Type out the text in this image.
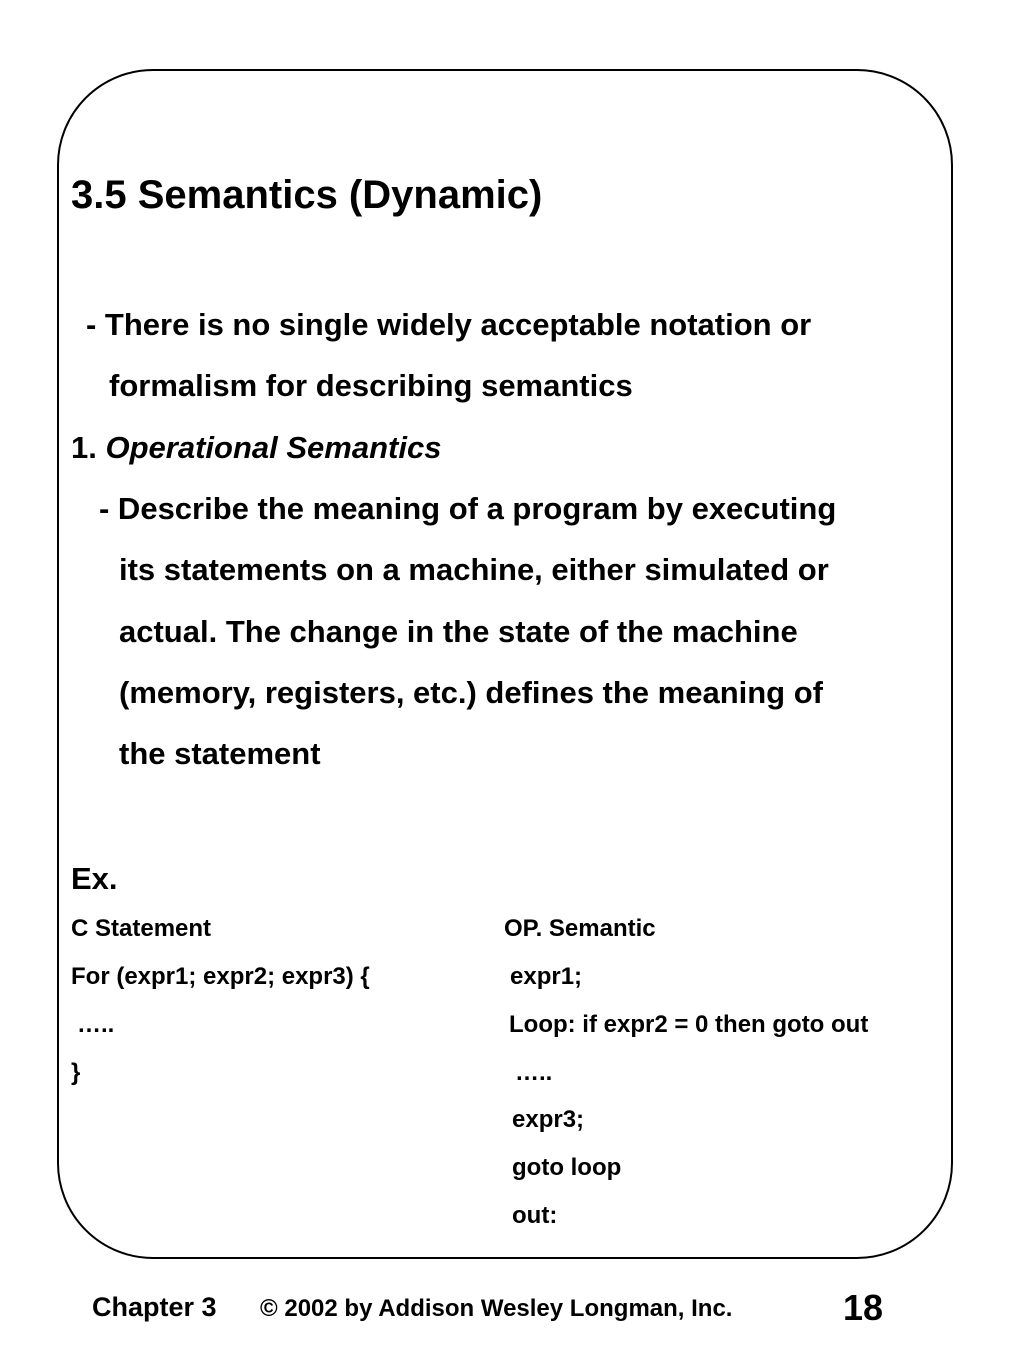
3.5 Semantics (Dynamic)
- There is no single widely acceptable notation or
formalism for describing semantics
1. Operational Semantics
- Describe the meaning of a program by executing
its statements on a machine, either simulated or
actual. The change in the state of the machine
(memory, registers, etc.) defines the meaning of
the statement
Ex.
C Statement	OP. Semantic
For (expr1; expr2; expr3) {
…..
}
expr1;
Loop: if expr2 = 0 then goto out
…..
expr3;
goto loop
out:
Chapter 3 © 2002 by Addison Wesley Longman, Inc.	18
